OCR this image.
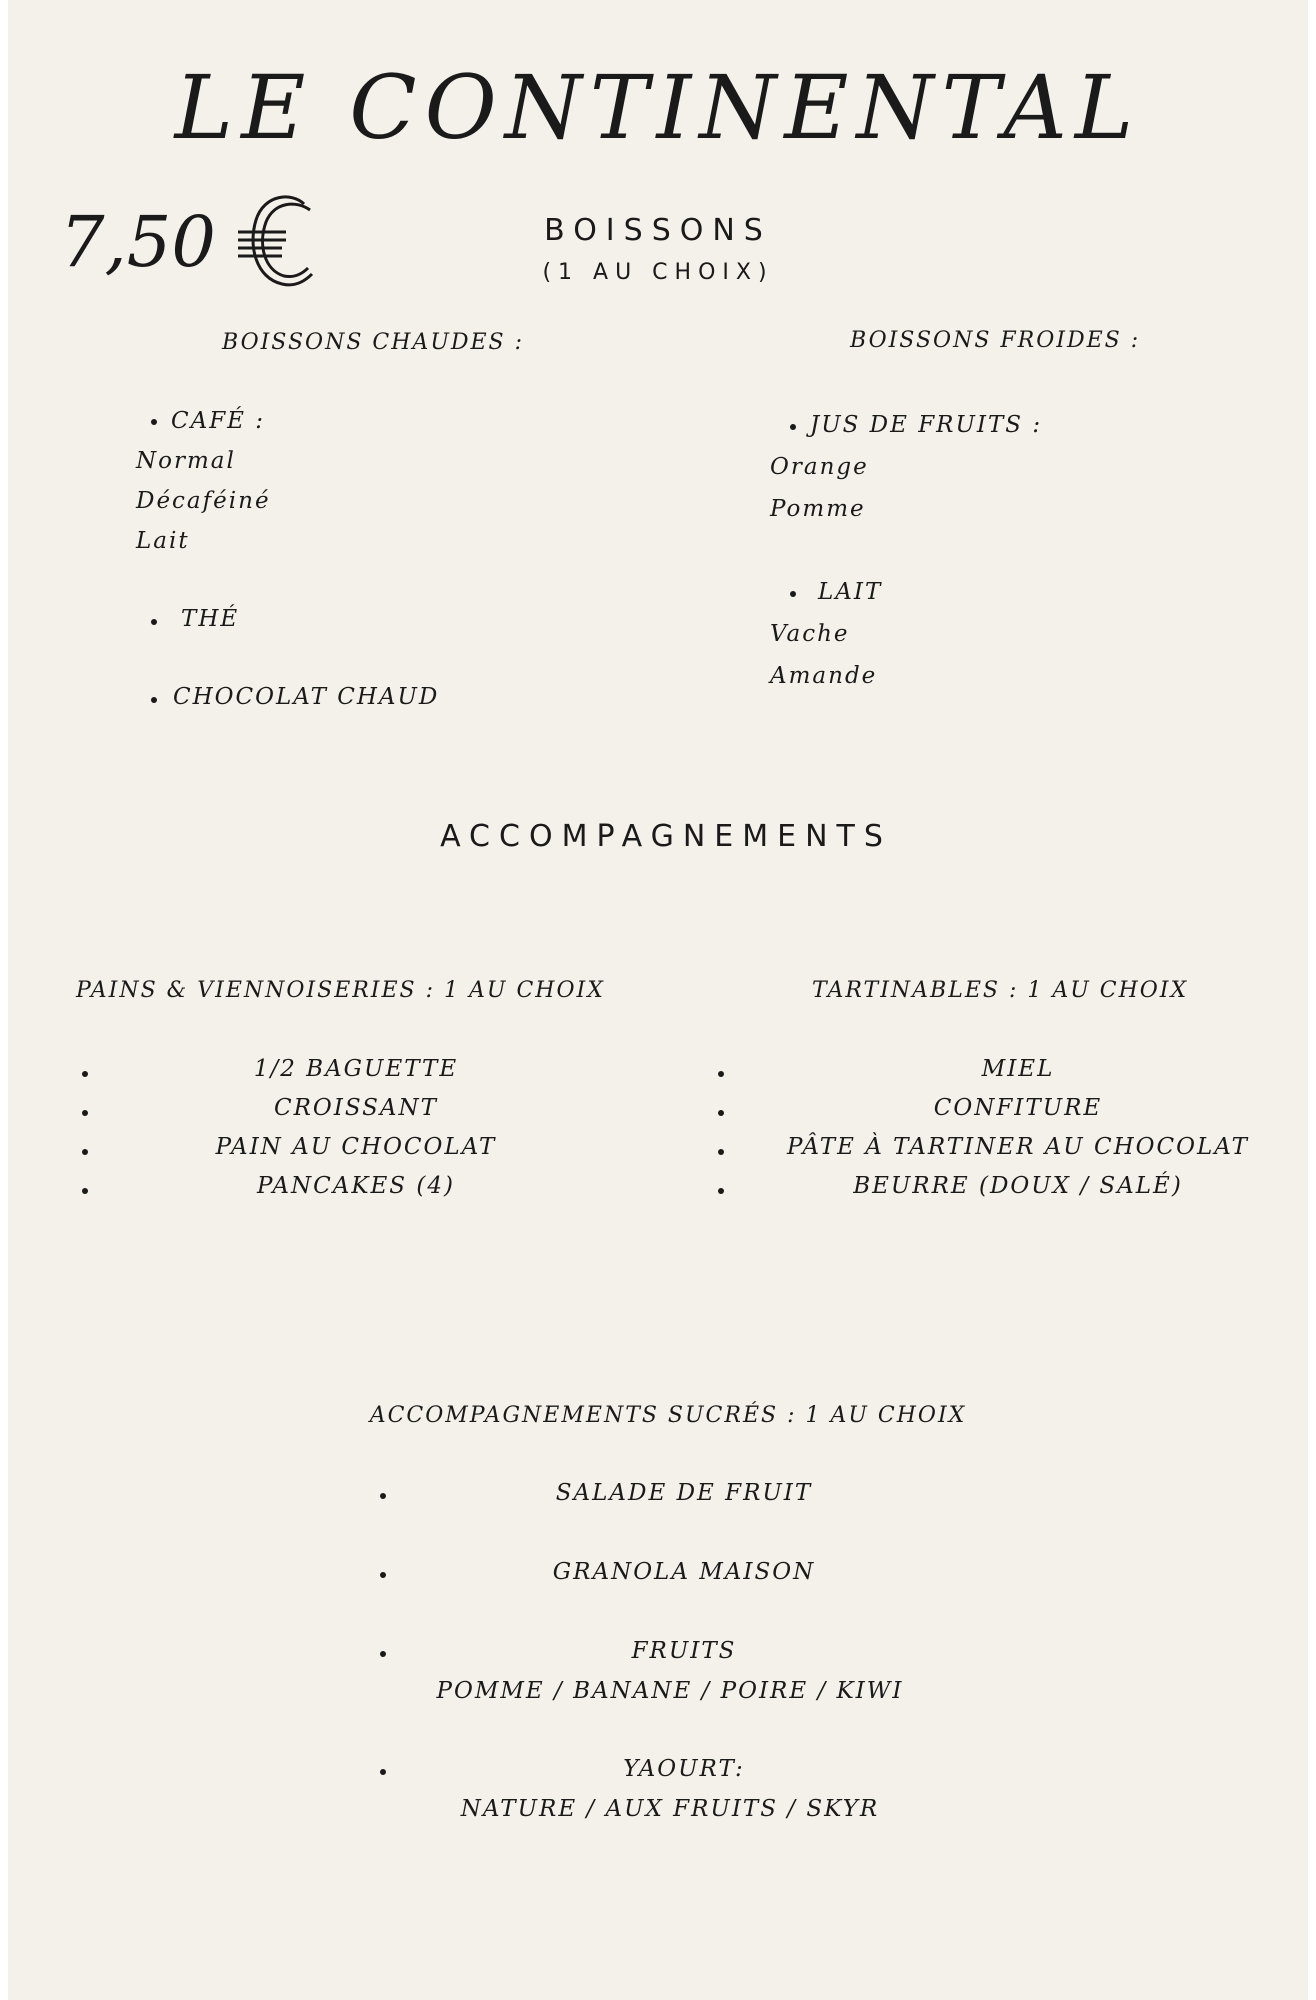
LE CONTINENTAL
7,50	BOISSONS
(1 AU CHOIX)
BOISSONS CHAUDES :
CAFÉ :
Normal
Décaféiné
Lait
THÉ
CHOCOLAT CHAUD
BOISSONS FROIDES :
JUS DE FRUITS :
Orange
Pomme
LAIT
Vache
Amande
ACCOMPAGNEMENTS
PAINS & VIENNOISERIES : 1 AU CHOIX
1/2 BAGUETTE
CROISSANT
PAIN AU CHOCOLAT
PANCAKES (4)
TARTINABLES : 1 AU CHOIX
MIEL
CONFITURE
PÂTE À TARTINER AU CHOCOLAT
BEURRE (DOUX / SALÉ)
ACCOMPAGNEMENTS SUCRÉS : 1 AU CHOIX
SALADE DE FRUIT
GRANOLA MAISON
FRUITS
POMME / BANANE / POIRE / KIWI
YAOURT:
NATURE / AUX FRUITS / SKYR
